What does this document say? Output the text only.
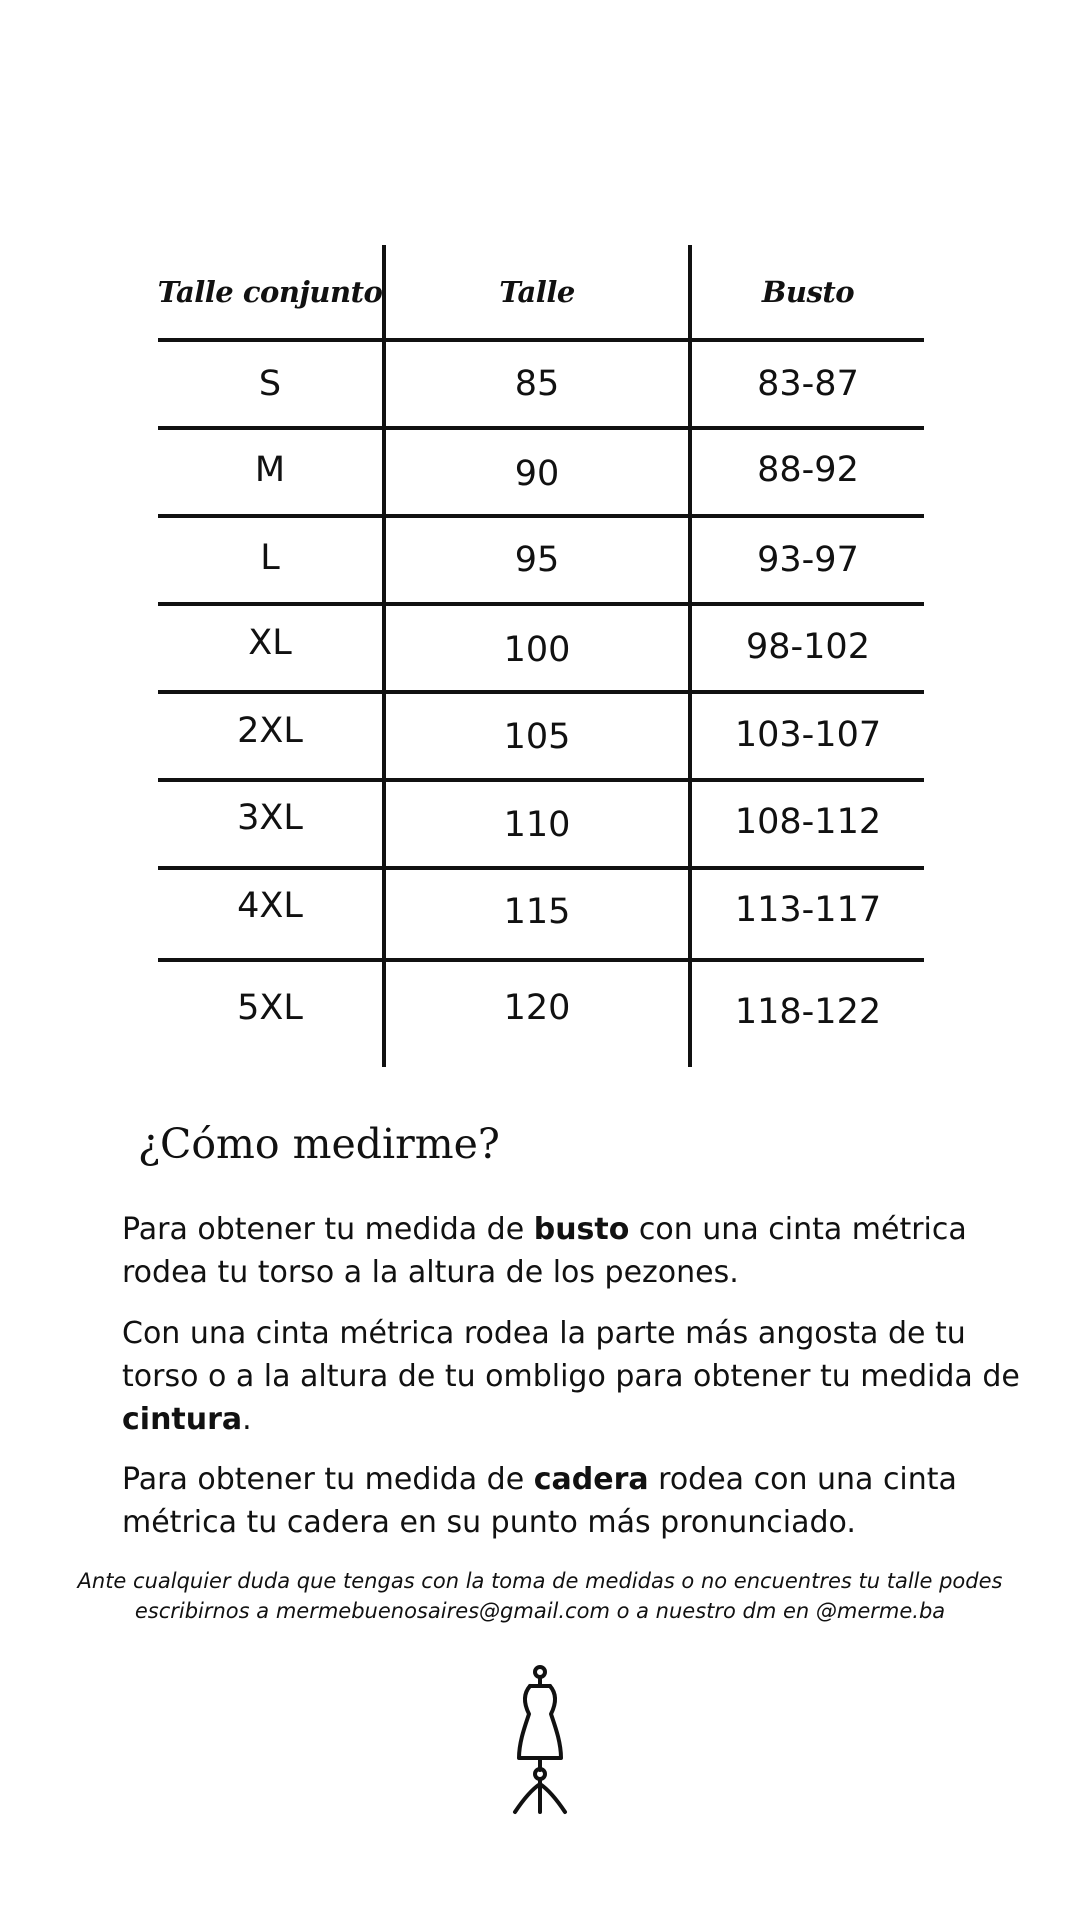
Talle conjunto	Talle	Busto
S	85	83-87
M	90	88-92
L	95	93-97
XL	100	98-102
2XL	105	103-107
3XL	110	108-112
4XL	115	113-117
5XL	120	118-122
¿Cómo medirme?

Para obtener tu medida de busto con una cinta métrica rodea tu torso a la altura de los pezones.

Con una cinta métrica rodea la parte más angosta de tu torso o a la altura de tu ombligo para obtener tu medida de cintura.

Para obtener tu medida de cadera rodea con una cinta métrica tu cadera en su punto más pronunciado.

Ante cualquier duda que tengas con la toma de medidas o no encuentres tu talle podes
escribirnos a mermebuenosaires@gmail.com o a nuestro dm en @merme.ba
